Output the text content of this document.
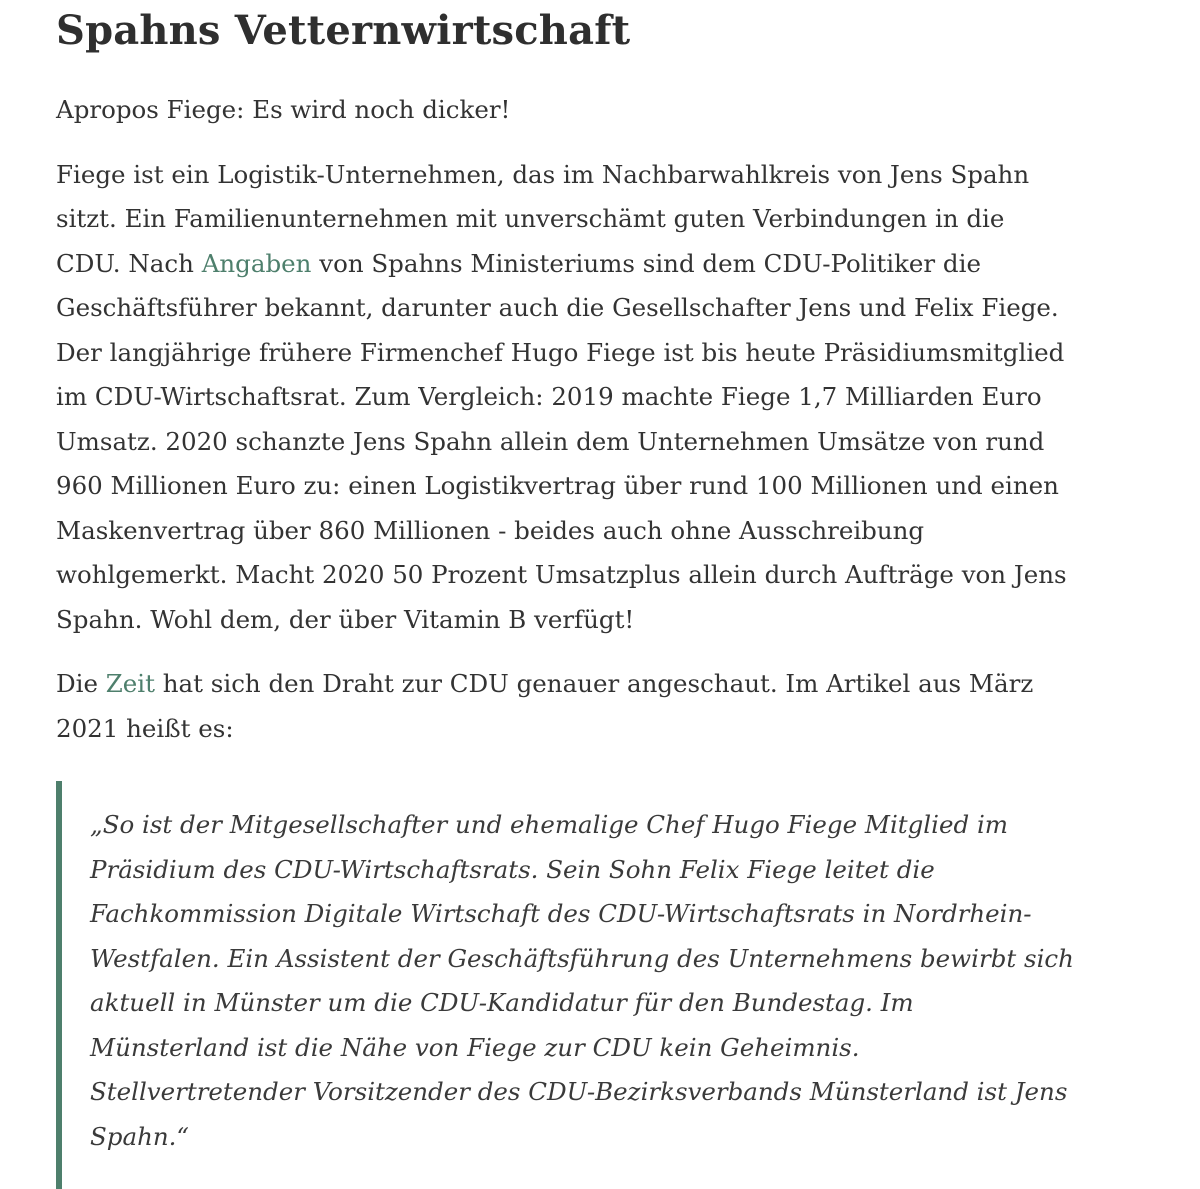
Spahns Vetternwirtschaft

Apropos Fiege: Es wird noch dicker!

Fiege ist ein Logistik-Unternehmen, das im Nachbarwahlkreis von Jens Spahn sitzt. Ein Familienunternehmen mit unverschämt guten Verbindungen in die CDU. Nach Angaben von Spahns Ministeriums sind dem CDU-Politiker die Geschäftsführer bekannt, darunter auch die Gesellschafter Jens und Felix Fiege. Der langjährige frühere Firmenchef Hugo Fiege ist bis heute Präsidiumsmitglied im CDU-Wirtschaftsrat. Zum Vergleich: 2019 machte Fiege 1,7 Milliarden Euro Umsatz. 2020 schanzte Jens Spahn allein dem Unternehmen Umsätze von rund 960 Millionen Euro zu: einen Logistikvertrag über rund 100 Millionen und einen Maskenvertrag über 860 Millionen - beides auch ohne Ausschreibung wohlgemerkt. Macht 2020 50 Prozent Umsatzplus allein durch Aufträge von Jens Spahn. Wohl dem, der über Vitamin B verfügt!

Die Zeit hat sich den Draht zur CDU genauer angeschaut. Im Artikel aus März 2021 heißt es:

„So ist der Mitgesellschafter und ehemalige Chef Hugo Fiege Mitglied im Präsidium des CDU-Wirtschaftsrats. Sein Sohn Felix Fiege leitet die Fachkommission Digitale Wirtschaft des CDU-Wirtschaftsrats in Nordrhein-Westfalen. Ein Assistent der Geschäftsführung des Unternehmens bewirbt sich aktuell in Münster um die CDU-Kandidatur für den Bundestag. Im Münsterland ist die Nähe von Fiege zur CDU kein Geheimnis. Stellvertretender Vorsitzender des CDU-Bezirksverbands Münsterland ist Jens Spahn.“
